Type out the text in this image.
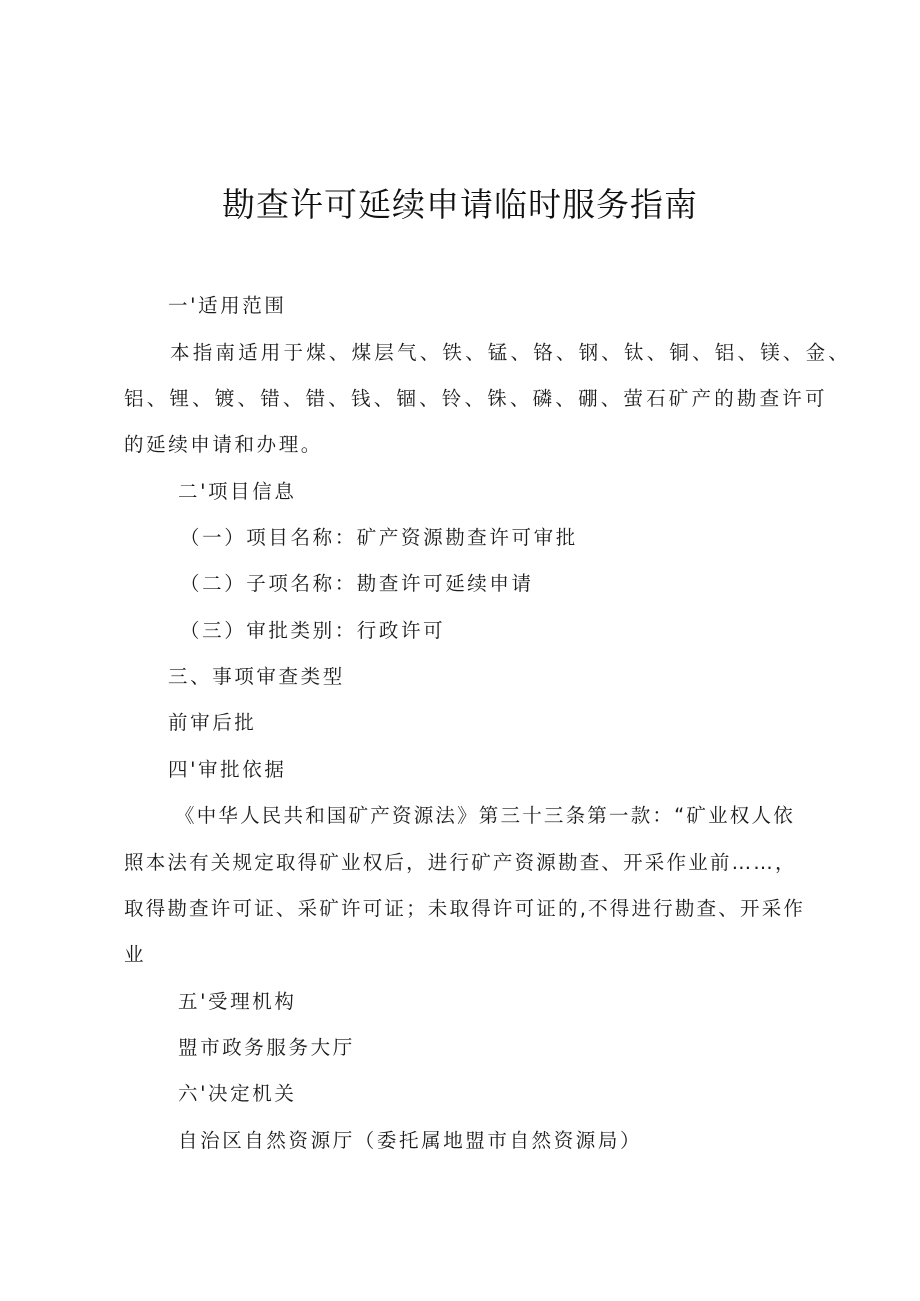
勘查许可延续申请临时服务指南
一'适用范围
本指南适用于煤、煤层气、铁、锰、铬、钢、钛、铜、铝、镁、金、
铝、锂、镀、错、错、钱、锢、铃、铢、磷、硼、萤石矿产的勘查许可
的延续申请和办理。
二'项目信息
（一）项目名称：矿产资源勘查许可审批
（二）子项名称：勘查许可延续申请
（三）审批类别：行政许可
三、事项审查类型
前审后批
四'审批依据
《中华人民共和国矿产资源法》第三十三条第一款：“矿业权人依
照本法有关规定取得矿业权后，进行矿产资源勘查、开采作业前……，
取得勘查许可证、采矿许可证；未取得许可证的,不得进行勘查、开采作
业
五'受理机构
盟市政务服务大厅
六'决定机关
自治区自然资源厅（委托属地盟市自然资源局）
